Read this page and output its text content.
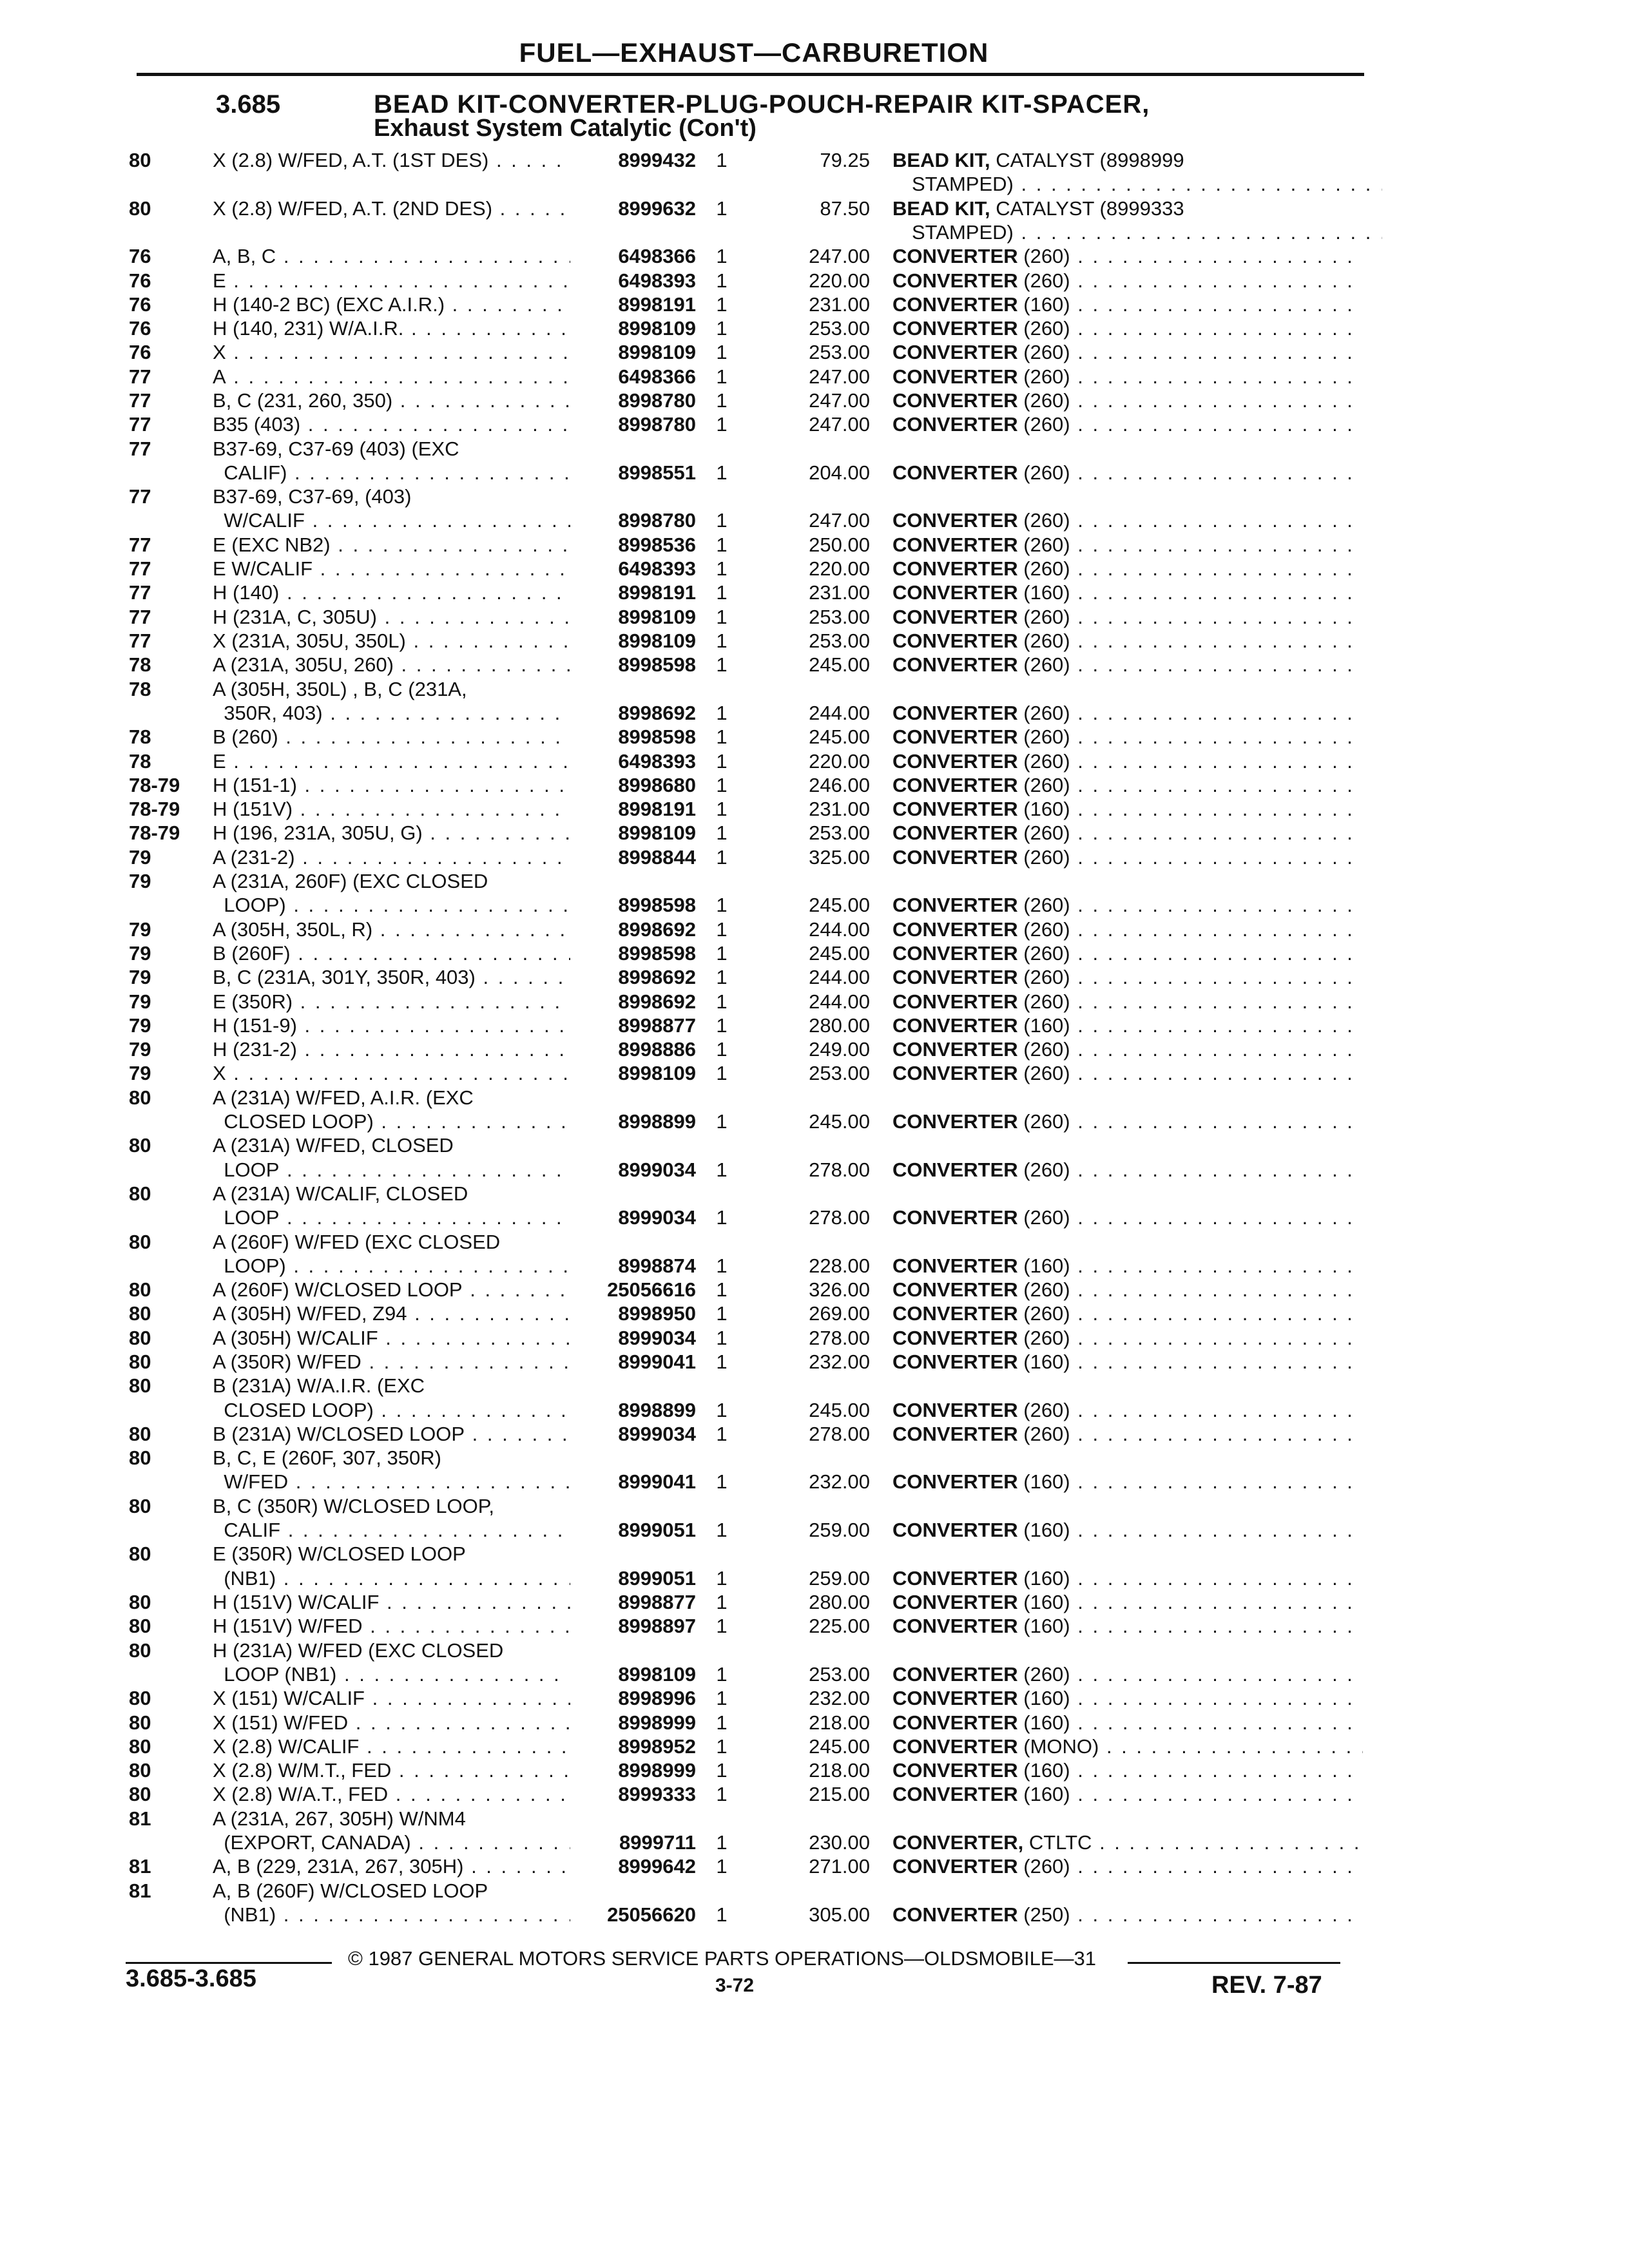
FUEL—EXHAUST—CARBURETION
3.685	BEAD KIT-CONVERTER-PLUG-POUCH-REPAIR KIT-SPACER,
Exhaust System Catalytic (Con't)
80	X (2.8) W/FED, A.T. (1ST DES) . . .	8999432	1	79.25 BEAD KIT, CATALYST (8998999
STAMPED) . . .
80	X (2.8) W/FED, A.T. (2ND DES) . . .	8999632	1	87.50 BEAD KIT, CATALYST (8999333
STAMPED) . . .
76	A, B, C . . .	6498366	1	247.00 CONVERTER (260) . . .
76	E . . .	6498393	1	220.00 CONVERTER (260) . . .
76	H (140-2 BC) (EXC A.I.R.) . . .	8998191	1	231.00 CONVERTER (160) . . .
76	H (140, 231) W/A.I.R. . . .	8998109	1	253.00 CONVERTER (260) . . .
76	X . . .	8998109	1	253.00 CONVERTER (260) . . .
77	A . . .	6498366	1	247.00 CONVERTER (260) . . .
77	B, C (231, 260, 350) . . .	8998780	1	247.00 CONVERTER (260) . . .
77	B35 (403) . . .	8998780	1	247.00 CONVERTER (260) . . .
77	B37-69, C37-69 (403) (EXC
CALIF) . . .	8998551	1	204.00 CONVERTER (260) . . .
77	B37-69, C37-69, (403)
W/CALIF . . .	8998780	1	247.00 CONVERTER (260) . . .
77	E (EXC NB2) . . .	8998536	1	250.00 CONVERTER (260) . . .
77	E W/CALIF . . .	6498393	1	220.00 CONVERTER (260) . . .
77	H (140) . . .	8998191	1	231.00 CONVERTER (160) . . .
77	H (231A, C, 305U) . . .	8998109	1	253.00 CONVERTER (260) . . .
77	X (231A, 305U, 350L) . . .	8998109	1	253.00 CONVERTER (260) . . .
78	A (231A, 305U, 260) . . .	8998598	1	245.00 CONVERTER (260) . . .
78	A (305H, 350L) , B, C (231A,
350R, 403) . . .	8998692	1	244.00 CONVERTER (260) . . .
78	B (260) . . .	8998598	1	245.00 CONVERTER (260) . . .
78	E . . .	6498393	1	220.00 CONVERTER (260) . . .
78-79	H (151-1) . . .	8998680	1	246.00 CONVERTER (260) . . .
78-79	H (151V) . . .	8998191	1	231.00 CONVERTER (160) . . .
78-79	H (196, 231A, 305U, G) . . .	8998109	1	253.00 CONVERTER (260) . . .
79	A (231-2) . . .	8998844	1	325.00 CONVERTER (260) . . .
79	A (231A, 260F) (EXC CLOSED
LOOP) . . .	8998598	1	245.00 CONVERTER (260) . . .
79	A (305H, 350L, R) . . .	8998692	1	244.00 CONVERTER (260) . . .
79	B (260F) . . .	8998598	1	245.00 CONVERTER (260) . . .
79	B, C (231A, 301Y, 350R, 403) . . .	8998692	1	244.00 CONVERTER (260) . . .
79	E (350R) . . .	8998692	1	244.00 CONVERTER (260) . . .
79	H (151-9) . . .	8998877	1	280.00 CONVERTER (160) . . .
79	H (231-2) . . .	8998886	1	249.00 CONVERTER (260) . . .
79	X . . .	8998109	1	253.00 CONVERTER (260) . . .
80	A (231A) W/FED, A.I.R. (EXC
CLOSED LOOP) . . .	8998899	1	245.00 CONVERTER (260) . . .
80	A (231A) W/FED, CLOSED
LOOP . . .	8999034	1	278.00 CONVERTER (260) . . .
80	A (231A) W/CALIF, CLOSED
LOOP . . .	8999034	1	278.00 CONVERTER (260) . . .
80	A (260F) W/FED (EXC CLOSED
LOOP) . . .	8998874	1	228.00 CONVERTER (160) . . .
80	A (260F) W/CLOSED LOOP . . .	25056616	1	326.00 CONVERTER (260) . . .
80	A (305H) W/FED, Z94 . . .	8998950	1	269.00 CONVERTER (260) . . .
80	A (305H) W/CALIF . . .	8999034	1	278.00 CONVERTER (260) . . .
80	A (350R) W/FED . . .	8999041	1	232.00 CONVERTER (160) . . .
80	B (231A) W/A.I.R. (EXC
CLOSED LOOP) . . .	8998899	1	245.00 CONVERTER (260) . . .
80	B (231A) W/CLOSED LOOP . . .	8999034	1	278.00 CONVERTER (260) . . .
80	B, C, E (260F, 307, 350R)
W/FED . . .	8999041	1	232.00 CONVERTER (160) . . .
80	B, C (350R) W/CLOSED LOOP,
CALIF . . .	8999051	1	259.00 CONVERTER (160) . . .
80	E (350R) W/CLOSED LOOP
(NB1) . . .	8999051	1	259.00 CONVERTER (160) . . .
80	H (151V) W/CALIF . . .	8998877	1	280.00 CONVERTER (160) . . .
80	H (151V) W/FED . . .	8998897	1	225.00 CONVERTER (160) . . .
80	H (231A) W/FED (EXC CLOSED
LOOP (NB1) . . .	8998109	1	253.00 CONVERTER (260) . . .
80	X (151) W/CALIF . . .	8998996	1	232.00 CONVERTER (160) . . .
80	X (151) W/FED . . .	8998999	1	218.00 CONVERTER (160) . . .
80	X (2.8) W/CALIF . . .	8998952	1	245.00 CONVERTER (MONO) . . .
80	X (2.8) W/M.T., FED . . .	8998999	1	218.00 CONVERTER (160) . . .
80	X (2.8) W/A.T., FED . . .	8999333	1	215.00 CONVERTER (160) . . .
81	A (231A, 267, 305H) W/NM4
(EXPORT, CANADA) . . .	8999711	1	230.00 CONVERTER, CTLTC . . .
81	A, B (229, 231A, 267, 305H) . . .	8999642	1	271.00 CONVERTER (260) . . .
81	A, B (260F) W/CLOSED LOOP
(NB1) . . .	25056620	1	305.00 CONVERTER (250) . . .
© 1987 GENERAL MOTORS SERVICE PARTS OPERATIONS—OLDSMOBILE—31
3.685-3.685	3-72	REV. 7-87
